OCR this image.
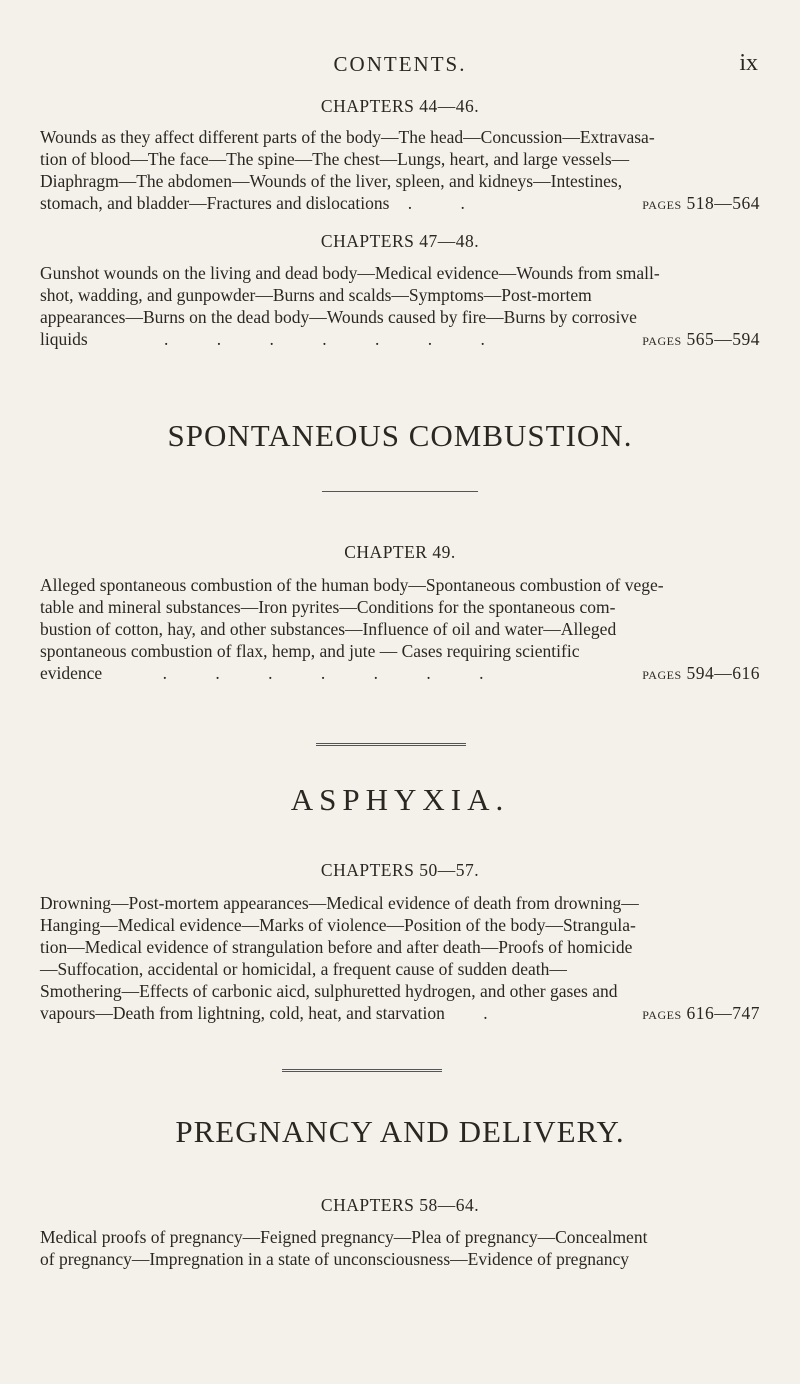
CONTENTS.	ix
CHAPTERS 44—46.
Wounds as they affect different parts of the body—The head—Concussion—Extravasa-
tion of blood—The face—The spine—The chest—Lungs, heart, and large vessels—
Diaphragm—The abdomen—Wounds of the liver, spleen, and kidneys—Intestines,
stomach, and bladder—Fractures and dislocations . .	pages 518—564
CHAPTERS 47—48.
Gunshot wounds on the living and dead body—Medical evidence—Wounds from small-
shot, wadding, and gunpowder—Burns and scalds—Symptoms—Post-mortem
appearances—Burns on the dead body—Wounds caused by fire—Burns by corrosive
liquids	. . . . . . .	pages 565—594
SPONTANEOUS COMBUSTION.
CHAPTER 49.
Alleged spontaneous combustion of the human body—Spontaneous combustion of vege-
table and mineral substances—Iron pyrites—Conditions for the spontaneous com-
bustion of cotton, hay, and other substances—Influence of oil and water—Alleged
spontaneous combustion of flax, hemp, and jute — Cases requiring scientific
evidence	. . . . . . .	pages 594—616
ASPHYXIA.
CHAPTERS 50—57.
Drowning—Post-mortem appearances—Medical evidence of death from drowning—
Hanging—Medical evidence—Marks of violence—Position of the body—Strangula-
tion—Medical evidence of strangulation before and after death—Proofs of homicide
—Suffocation, accidental or homicidal, a frequent cause of sudden death—
Smothering—Effects of carbonic aicd, sulphuretted hydrogen, and other gases and
vapours—Death from lightning, cold, heat, and starvation .	pages 616—747
PREGNANCY AND DELIVERY.
CHAPTERS 58—64.
Medical proofs of pregnancy—Feigned pregnancy—Plea of pregnancy—Concealment
of pregnancy—Impregnation in a state of unconsciousness—Evidence of pregnancy
